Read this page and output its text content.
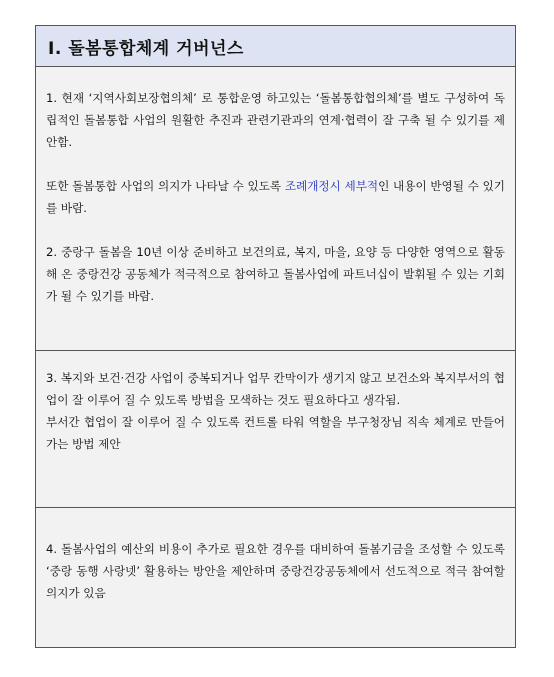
Ⅰ. 돌봄통합체계 거버넌스

1. 현재 ‘지역사회보장협의체’ 로 통합운영 하고있는 ‘돌봄통합협의체’를 별도 구성하여 독립적인 돌봄통합 사업의 원활한 추진과 관련기관과의 연계·협력이 잘 구축 될 수 있기를 제안함.

또한 돌봄통합 사업의 의지가 나타날 수 있도록 조례개정시 세부적인 내용이 반영될 수 있기를 바람.

2. 중랑구 돌봄을 10년 이상 준비하고 보건의료, 복지, 마을, 요양 등 다양한 영역으로 활동해 온 중랑건강 공동체가 적극적으로 참여하고 돌봄사업에 파트너십이 발휘될 수 있는 기회가 될 수 있기를 바람.

3. 복지와 보건·건강 사업이 중복되거나 업무 칸막이가 생기지 않고 보건소와 복지부서의 협업이 잘 이루어 질 수 있도록 방법을 모색하는 것도 필요하다고 생각됨.

부서간 협업이 잘 이루어 질 수 있도록 컨트롤 타워 역할을 부구청장님 직속 체계로 만들어 가는 방법 제안

4. 돌봄사업의 예산외 비용이 추가로 필요한 경우를 대비하여 돌봄기금을 조성할 수 있도록 ‘중랑 동행 사랑넷’ 활용하는 방안을 제안하며 중랑건강공동체에서 선도적으로 적극 참여할 의지가 있음
